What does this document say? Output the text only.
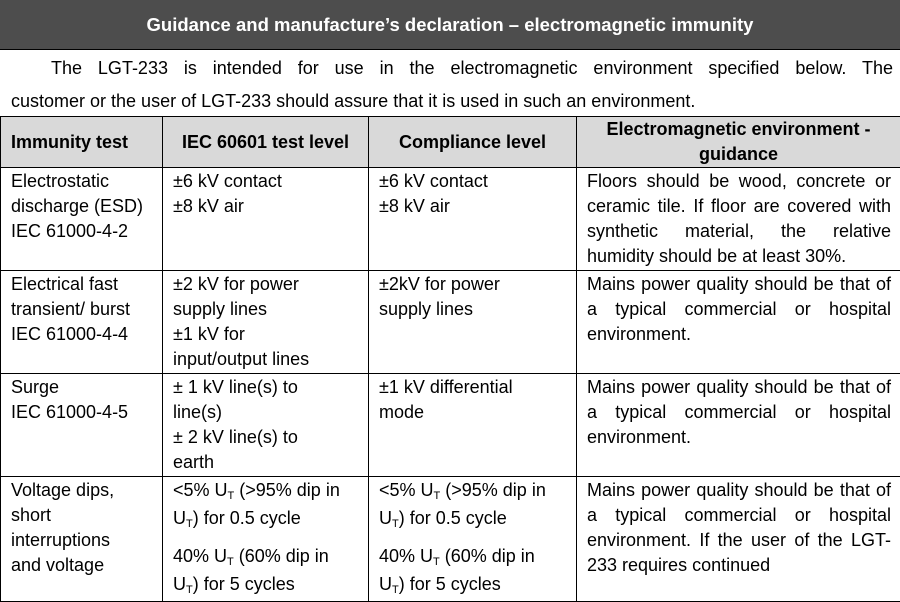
Guidance and manufacture’s declaration – electromagnetic immunity
The LGT-233 is intended for use in the electromagnetic environment specified below. The
customer or the user of LGT-233 should assure that it is used in such an environment.
Immunity test	IEC 60601 test level	Compliance level	Electromagnetic environment - guidance

Electrostatic
discharge (ESD)
IEC 61000-4-2	±6 kV contact
±8 kV air	±6 kV contact
±8 kV air	Floors should be wood, concrete or ceramic tile. If floor are covered with synthetic material, the relative humidity should be at least 30%.

Electrical fast
transient/ burst
IEC 61000-4-4	±2 kV for power
supply lines
±1 kV for
input/output lines	±2kV for power
supply lines	Mains power quality should be that of a typical commercial or hospital environment.

Surge
IEC 61000-4-5	± 1 kV line(s) to
line(s)
± 2 kV line(s) to
earth	±1 kV differential
mode	Mains power quality should be that of a typical commercial or hospital environment.

Voltage dips,
short
interruptions
and voltage	<5% $U_T$ (>95% dip in
$U_T$) for 0.5 cycle
40% $U_T$ (60% dip in
$U_T$) for 5 cycles	<5% $U_T$ (>95% dip in
$U_T$) for 0.5 cycle
40% $U_T$ (60% dip in
$U_T$) for 5 cycles	Mains power quality should be that of a typical commercial or hospital environment. If the user of the LGT-233 requires continued
